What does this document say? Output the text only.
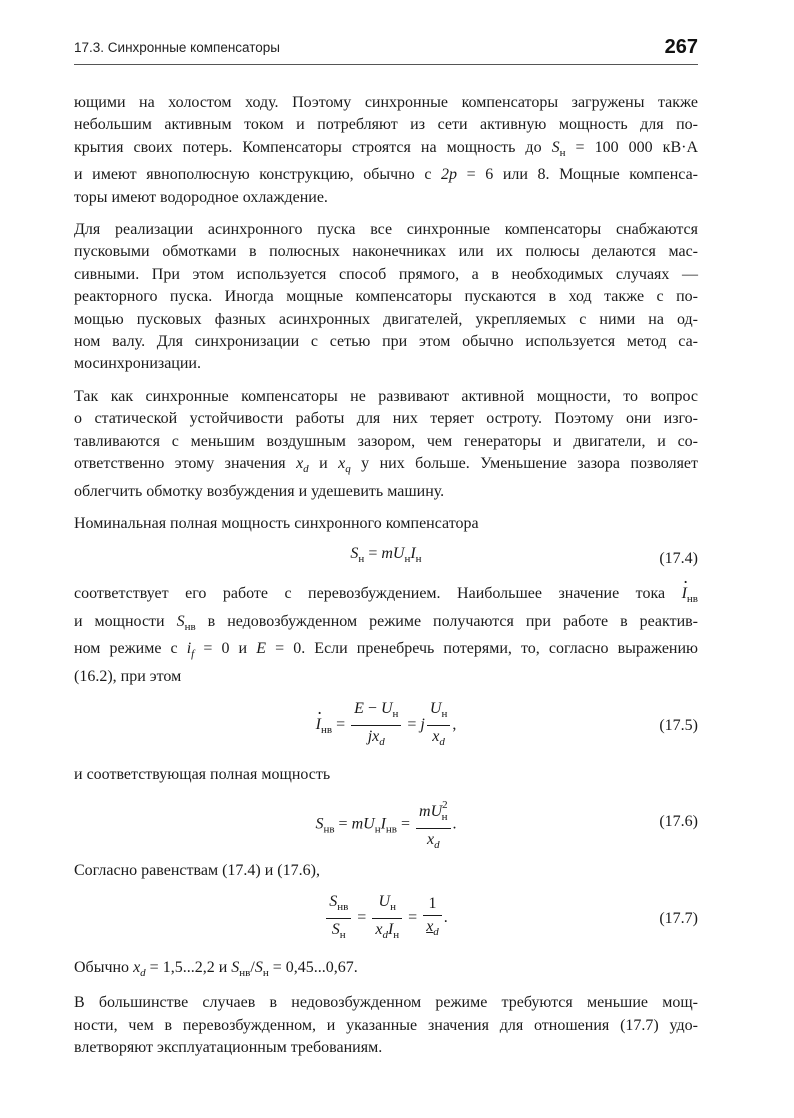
17.3. Синхронные компенсаторы	267

ющими на холостом ходу. Поэтому синхронные компенсаторы загружены также
небольшим активным током и потребляют из сети активную мощность для по-
крытия своих потерь. Компенсаторы строятся на мощность до $S_н = 100$ 000 кВ·А
и имеют явнополюсную конструкцию, обычно с 2p = 6 или 8. Мощные компенса-
торы имеют водородное охлаждение.

Для реализации асинхронного пуска все синхронные компенсаторы снабжаются
пусковыми обмотками в полюсных наконечниках или их полюсы делаются мас-
сивными. При этом используется способ прямого, а в необходимых случаях —
реакторного пуска. Иногда мощные компенсаторы пускаются в ход также с по-
мощью пусковых фазных асинхронных двигателей, укрепляемых с ними на од-
ном валу. Для синхронизации с сетью при этом обычно используется метод са-
мосинхронизации.

Так как синхронные компенсаторы не развивают активной мощности, то вопрос
о статической устойчивости работы для них теряет остроту. Поэтому они изго-
тавливаются с меньшим воздушным зазором, чем генераторы и двигатели, и со-
ответственно этому значения $x_d$ и $x_q$ у них больше. Уменьшение зазора позволяет
облегчить обмотку возбуждения и удешевить машину.

Номинальная полная мощность синхронного компенсатора

$S_н = mU_нI_н$	(17.4)

соответствует его работе с перевозбуждением. Наибольшее значение тока · $I_{нв}$
и мощности $S_{нв}$ в недовозбужденном режиме получаются при работе в реактив-
ном режиме с $i_f = 0$ и E = 0. Если пренебречь потерями, то, согласно выражению
(16.2), при этом

· $I_{нв} = \frac{E - U_н}{jx_d} = j \frac{U_н}{x_d}$ ,	(17.5)

и соответствующая полная мощность

$S_{нв} = mU_нI_{нв} = \frac{mU^2_н}{x_d}$ .	(17.6)

Согласно равенствам (17.4) и (17.6),

$\frac{S_{нв}}{S_н} = \frac{U_н}{x_dI_н} = \frac{1}{x_d}$ .	(17.7)

Обычно $x_d = 1,5...2,2$ и $S_{нв}/S_н = 0,45...0,67$.

В большинстве случаев в недовозбужденном режиме требуются меньшие мощ-
ности, чем в перевозбужденном, и указанные значения для отношения (17.7) удо-
влетворяют эксплуатационным требованиям.
